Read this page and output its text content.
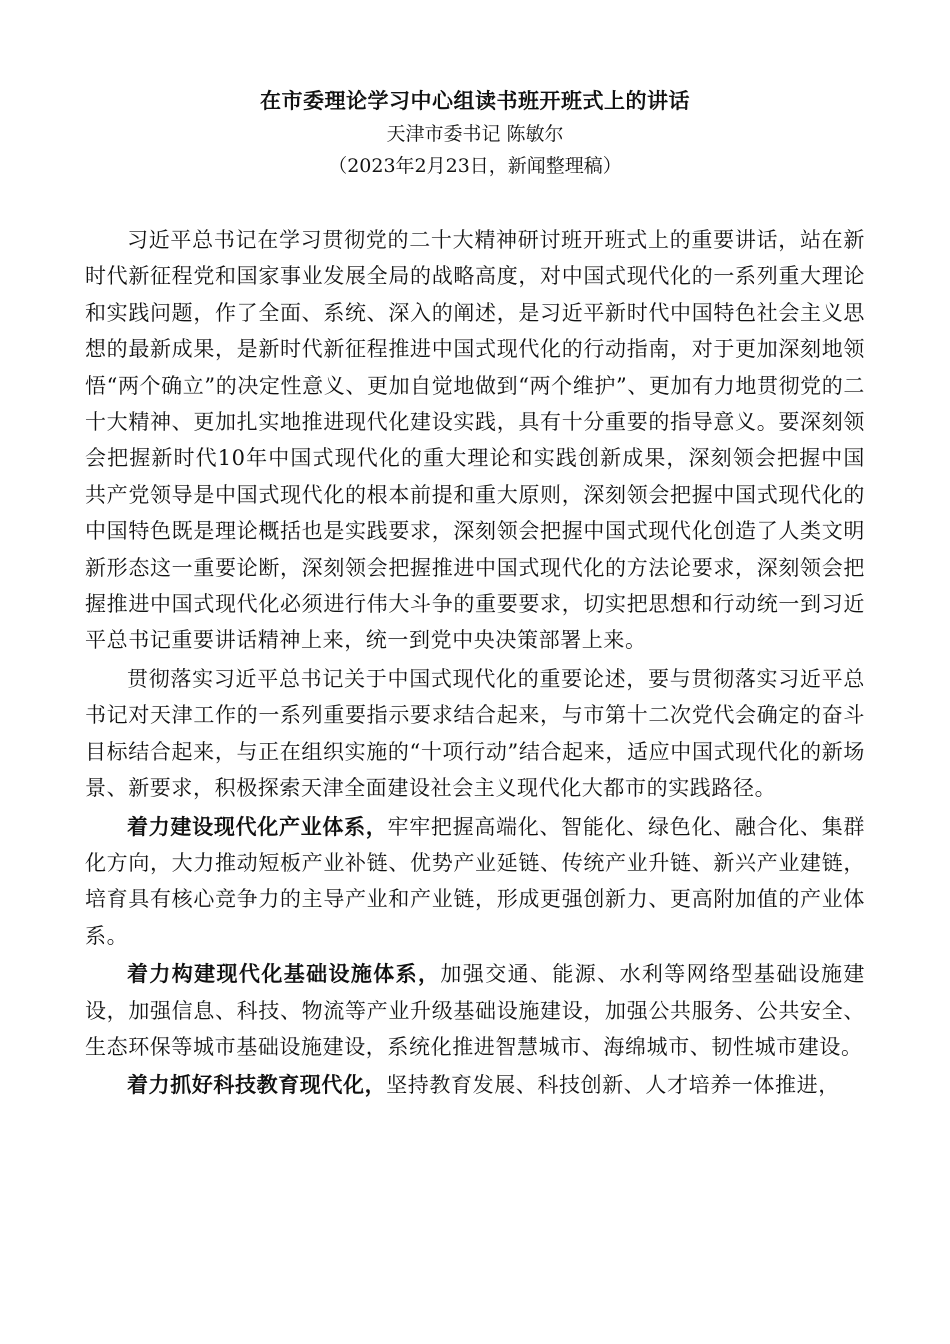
在市委理论学习中心组读书班开班式上的讲话

天津市委书记 陈敏尔

（2023年2月23日，新闻整理稿）

习近平总书记在学习贯彻党的二十大精神研讨班开班式上的重要讲话，站在新时代新征程党和国家事业发展全局的战略高度，对中国式现代化的一系列重大理论和实践问题，作了全面、系统、深入的阐述，是习近平新时代中国特色社会主义思想的最新成果，是新时代新征程推进中国式现代化的行动指南，对于更加深刻地领悟“两个确立”的决定性意义、更加自觉地做到“两个维护”、更加有力地贯彻党的二十大精神、更加扎实地推进现代化建设实践，具有十分重要的指导意义。要深刻领会把握新时代10年中国式现代化的重大理论和实践创新成果，深刻领会把握中国共产党领导是中国式现代化的根本前提和重大原则，深刻领会把握中国式现代化的中国特色既是理论概括也是实践要求，深刻领会把握中国式现代化创造了人类文明新形态这一重要论断，深刻领会把握推进中国式现代化的方法论要求，深刻领会把握推进中国式现代化必须进行伟大斗争的重要要求，切实把思想和行动统一到习近平总书记重要讲话精神上来，统一到党中央决策部署上来。

贯彻落实习近平总书记关于中国式现代化的重要论述，要与贯彻落实习近平总书记对天津工作的一系列重要指示要求结合起来，与市第十二次党代会确定的奋斗目标结合起来，与正在组织实施的“十项行动”结合起来，适应中国式现代化的新场景、新要求，积极探索天津全面建设社会主义现代化大都市的实践路径。

着力建设现代化产业体系，牢牢把握高端化、智能化、绿色化、融合化、集群化方向，大力推动短板产业补链、优势产业延链、传统产业升链、新兴产业建链，培育具有核心竞争力的主导产业和产业链，形成更强创新力、更高附加值的产业体系。

着力构建现代化基础设施体系，加强交通、能源、水利等网络型基础设施建设，加强信息、科技、物流等产业升级基础设施建设，加强公共服务、公共安全、生态环保等城市基础设施建设，系统化推进智慧城市、海绵城市、韧性城市建设。

着力抓好科技教育现代化，坚持教育发展、科技创新、人才培养一体推进，
